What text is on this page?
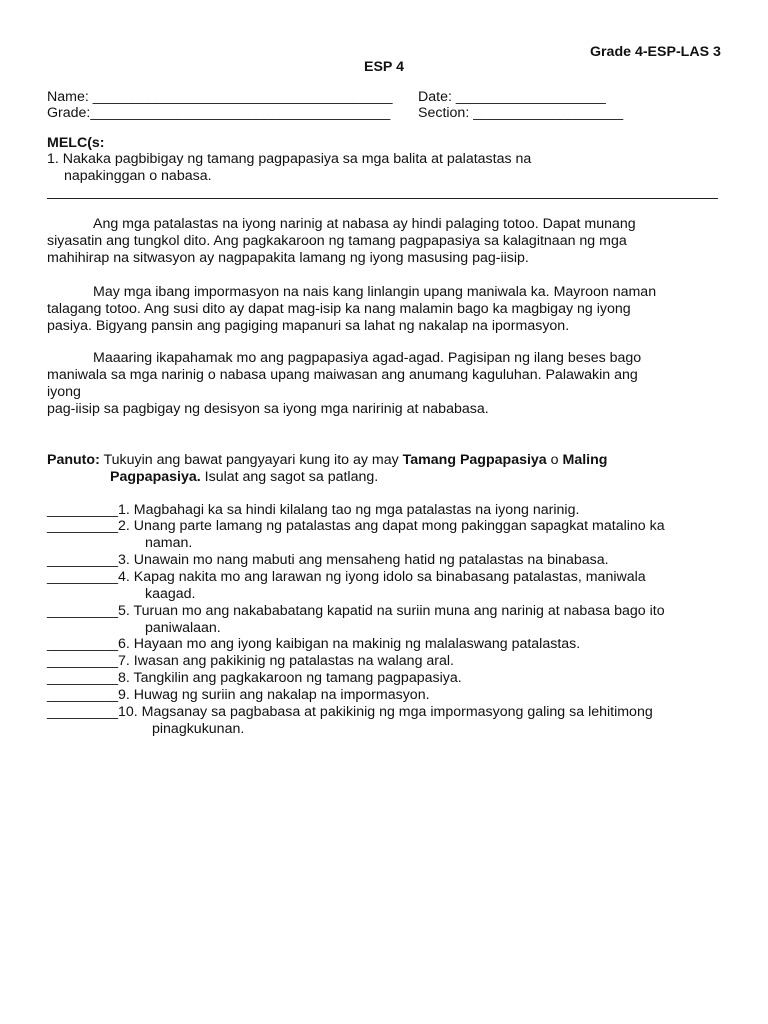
Grade 4-ESP-LAS 3
ESP 4
Name: ______________________________________ Date: ___________________
Grade:______________________________________ Section: ___________________
MELC(s:
1. Nakaka pagbibigay ng tamang pagpapasiya sa mga balita at palatastas na
napakinggan o nabasa.
Ang mga patalastas na iyong narinig at nabasa ay hindi palaging totoo. Dapat munang
siyasatin ang tungkol dito. Ang pagkakaroon ng tamang pagpapasiya sa kalagitnaan ng mga
mahihirap na sitwasyon ay nagpapakita lamang ng iyong masusing pag-iisip.
May mga ibang impormasyon na nais kang linlangin upang maniwala ka. Mayroon naman
talagang totoo. Ang susi dito ay dapat mag-isip ka nang malamin bago ka magbigay ng iyong
pasiya. Bigyang pansin ang pagiging mapanuri sa lahat ng nakalap na ipormasyon.
Maaaring ikapahamak mo ang pagpapasiya agad-agad. Pagisipan ng ilang beses bago
maniwala sa mga narinig o nabasa upang maiwasan ang anumang kaguluhan. Palawakin ang
iyong
pag-iisip sa pagbigay ng desisyon sa iyong mga naririnig at nababasa.
Panuto: Tukuyin ang bawat pangyayari kung ito ay may Tamang Pagpapasiya o Maling
Pagpapasiya. Isulat ang sagot sa patlang.
_________1. Magbahagi ka sa hindi kilalang tao ng mga patalastas na iyong narinig.
_________2. Unang parte lamang ng patalastas ang dapat mong pakinggan sapagkat matalino ka
naman.
_________3. Unawain mo nang mabuti ang mensaheng hatid ng patalastas na binabasa.
_________4. Kapag nakita mo ang larawan ng iyong idolo sa binabasang patalastas, maniwala
kaagad.
_________5. Turuan mo ang nakababatang kapatid na suriin muna ang narinig at nabasa bago ito
paniwalaan.
_________6. Hayaan mo ang iyong kaibigan na makinig ng malalaswang patalastas.
_________7. Iwasan ang pakikinig ng patalastas na walang aral.
_________8. Tangkilin ang pagkakaroon ng tamang pagpapasiya.
_________9. Huwag ng suriin ang nakalap na impormasyon.
_________10. Magsanay sa pagbabasa at pakikinig ng mga impormasyong galing sa lehitimong
pinagkukunan.
